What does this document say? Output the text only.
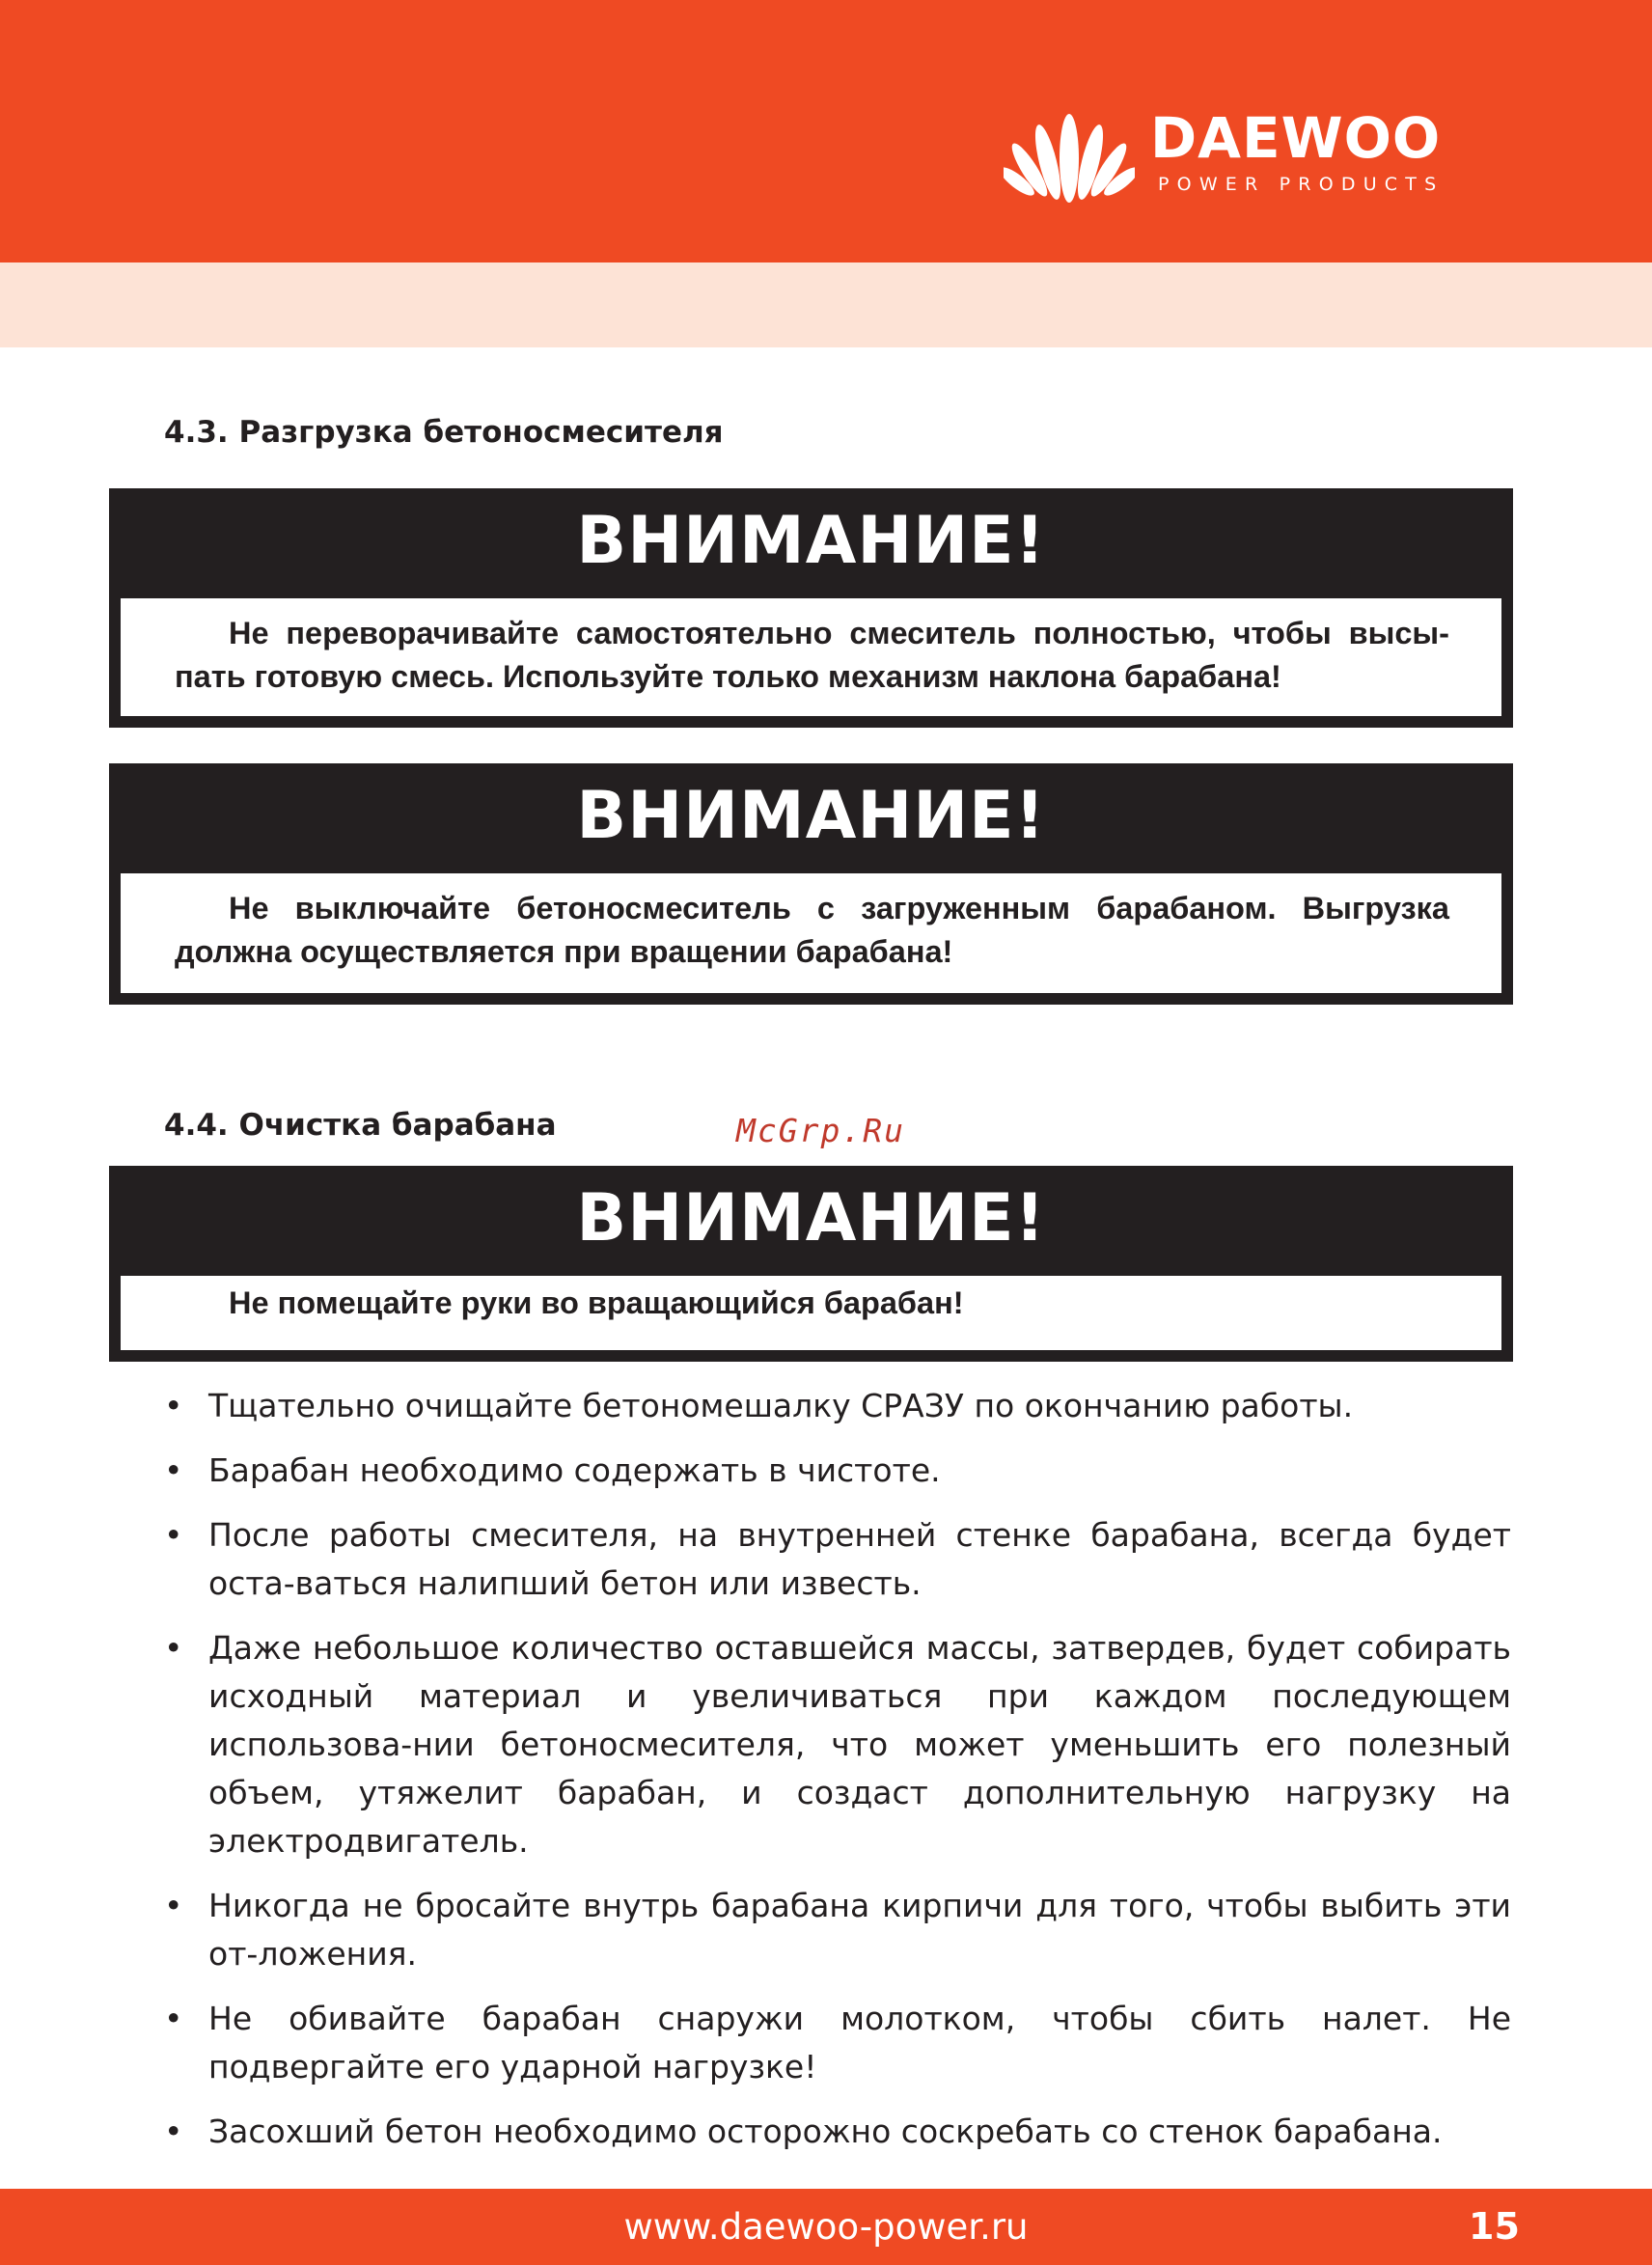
DAEWOO
POWER PRODUCTS
4.3. Разгрузка бетоносмесителя
ВНИМАНИЕ!
Не переворачивайте самостоятельно смеситель полностью, чтобы высы-пать готовую смесь. Используйте только механизм наклона барабана!
ВНИМАНИЕ!
Не выключайте бетоносмеситель с загруженным барабаном. Выгрузка должна осуществляется при вращении барабана!
4.4. Очистка барабана	McGrp.Ru
ВНИМАНИЕ!
Не помещайте руки во вращающийся барабан!
• Тщательно очищайте бетономешалку СРАЗУ по окончанию работы.
• Барабан необходимо содержать в чистоте.
• После работы смесителя, на внутренней стенке барабана, всегда будет оста-ваться налипший бетон или известь.
• Даже небольшое количество оставшейся массы, затвердев, будет собирать исходный материал и увеличиваться при каждом последующем использова-нии бетоносмесителя, что может уменьшить его полезный объем, утяжелит барабан, и создаст дополнительную нагрузку на электродвигатель.
• Никогда не бросайте внутрь барабана кирпичи для того, чтобы выбить эти от-ложения.
• Не обивайте барабан снаружи молотком, чтобы сбить налет. Не подвергайте его ударной нагрузке!
• Засохший бетон необходимо осторожно соскребать со стенок барабана.
www.daewoo-power.ru	15
